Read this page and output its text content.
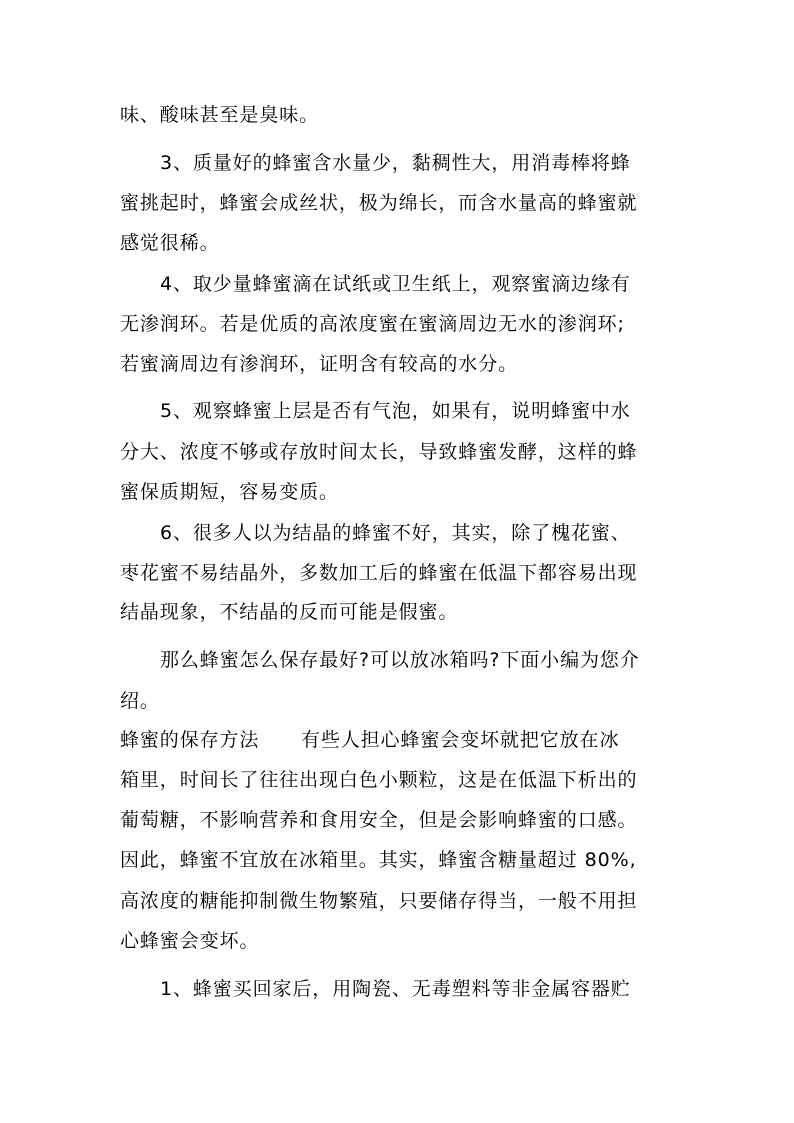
味、酸味甚至是臭味。
3、质量好的蜂蜜含水量少，黏稠性大，用消毒棒将蜂
蜜挑起时，蜂蜜会成丝状，极为绵长，而含水量高的蜂蜜就
感觉很稀。
4、取少量蜂蜜滴在试纸或卫生纸上，观察蜜滴边缘有
无渗润环。若是优质的高浓度蜜在蜜滴周边无水的渗润环;
若蜜滴周边有渗润环，证明含有较高的水分。
5、观察蜂蜜上层是否有气泡，如果有，说明蜂蜜中水
分大、浓度不够或存放时间太长，导致蜂蜜发酵，这样的蜂
蜜保质期短，容易变质。
6、很多人以为结晶的蜂蜜不好，其实，除了槐花蜜、
枣花蜜不易结晶外，多数加工后的蜂蜜在低温下都容易出现
结晶现象，不结晶的反而可能是假蜜。
那么蜂蜜怎么保存最好?可以放冰箱吗?下面小编为您介
绍。
蜂蜜的保存方法      有些人担心蜂蜜会变坏就把它放在冰
箱里，时间长了往往出现白色小颗粒，这是在低温下析出的
葡萄糖，不影响营养和食用安全，但是会影响蜂蜜的口感。
因此，蜂蜜不宜放在冰箱里。其实，蜂蜜含糖量超过 80%,
高浓度的糖能抑制微生物繁殖，只要储存得当，一般不用担
心蜂蜜会变坏。
1、蜂蜜买回家后，用陶瓷、无毒塑料等非金属容器贮
